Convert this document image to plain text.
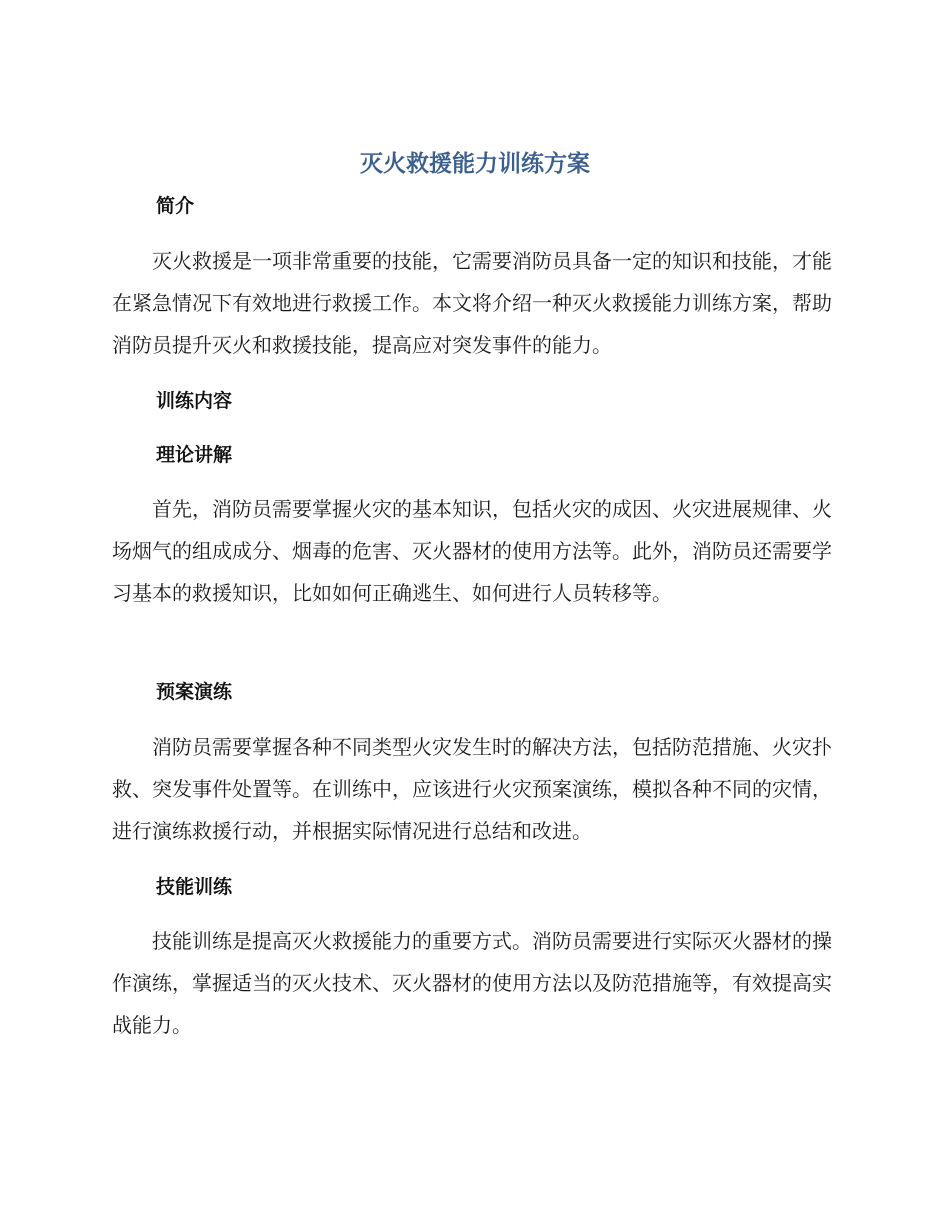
灭火救援能力训练方案
简介

灭火救援是一项非常重要的技能，它需要消防员具备一定的知识和技能，才能在紧急情况下有效地进行救援工作。本文将介绍一种灭火救援能力训练方案，帮助消防员提升灭火和救援技能，提高应对突发事件的能力。

训练内容
理论讲解

首先，消防员需要掌握火灾的基本知识，包括火灾的成因、火灾进展规律、火场烟气的组成成分、烟毒的危害、灭火器材的使用方法等。此外，消防员还需要学习基本的救援知识，比如如何正确逃生、如何进行人员转移等。

预案演练

消防员需要掌握各种不同类型火灾发生时的解决方法，包括防范措施、火灾扑救、突发事件处置等。在训练中，应该进行火灾预案演练，模拟各种不同的灾情，进行演练救援行动，并根据实际情况进行总结和改进。

技能训练

技能训练是提高灭火救援能力的重要方式。消防员需要进行实际灭火器材的操作演练，掌握适当的灭火技术、灭火器材的使用方法以及防范措施等，有效提高实战能力。
